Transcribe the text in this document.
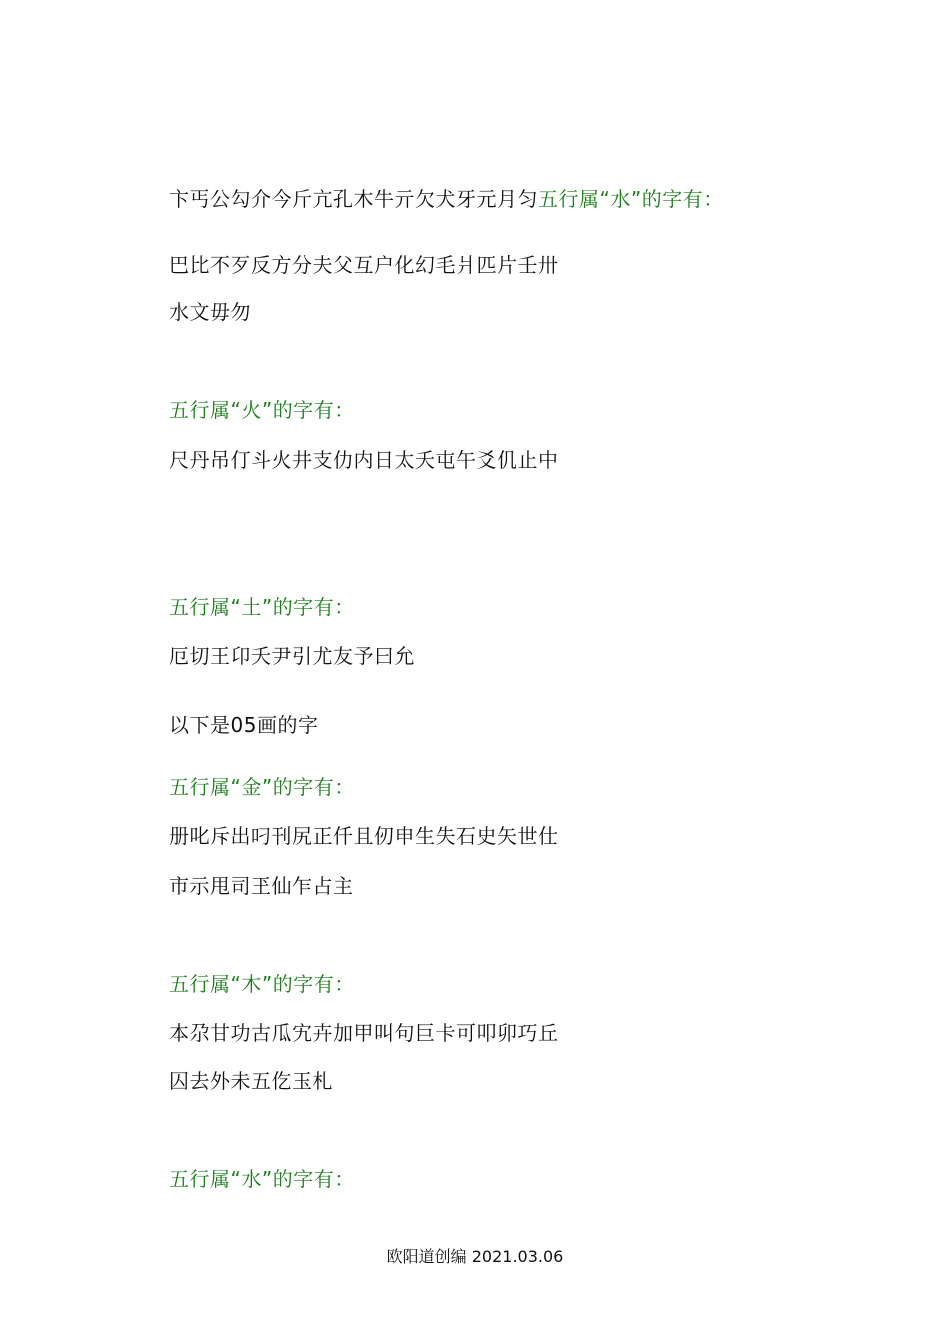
卞丐公勾介今斤亢孔木牛亓欠犬牙元月匀五行属“水”的字有：
巴比不歹反方分夫父互户化幻毛爿匹片壬卅
水文毋勿
五行属“火”的字有：
尺丹吊仃斗火井支仂内日太夭屯午爻仉止中
五行属“土”的字有：
厄切王卬夭尹引尤友予曰允
以下是05画的字
五行属“金”的字有：
册叱斥出叼刊尻正仟且仞申生失石史矢世仕
市示甩司玊仙乍占主
五行属“木”的字有：
本尕甘功古瓜宄卉加甲叫句巨卡可叩卯巧丘
囚去外未五仡玉札
五行属“水”的字有：
欧阳道创编 2021.03.06
